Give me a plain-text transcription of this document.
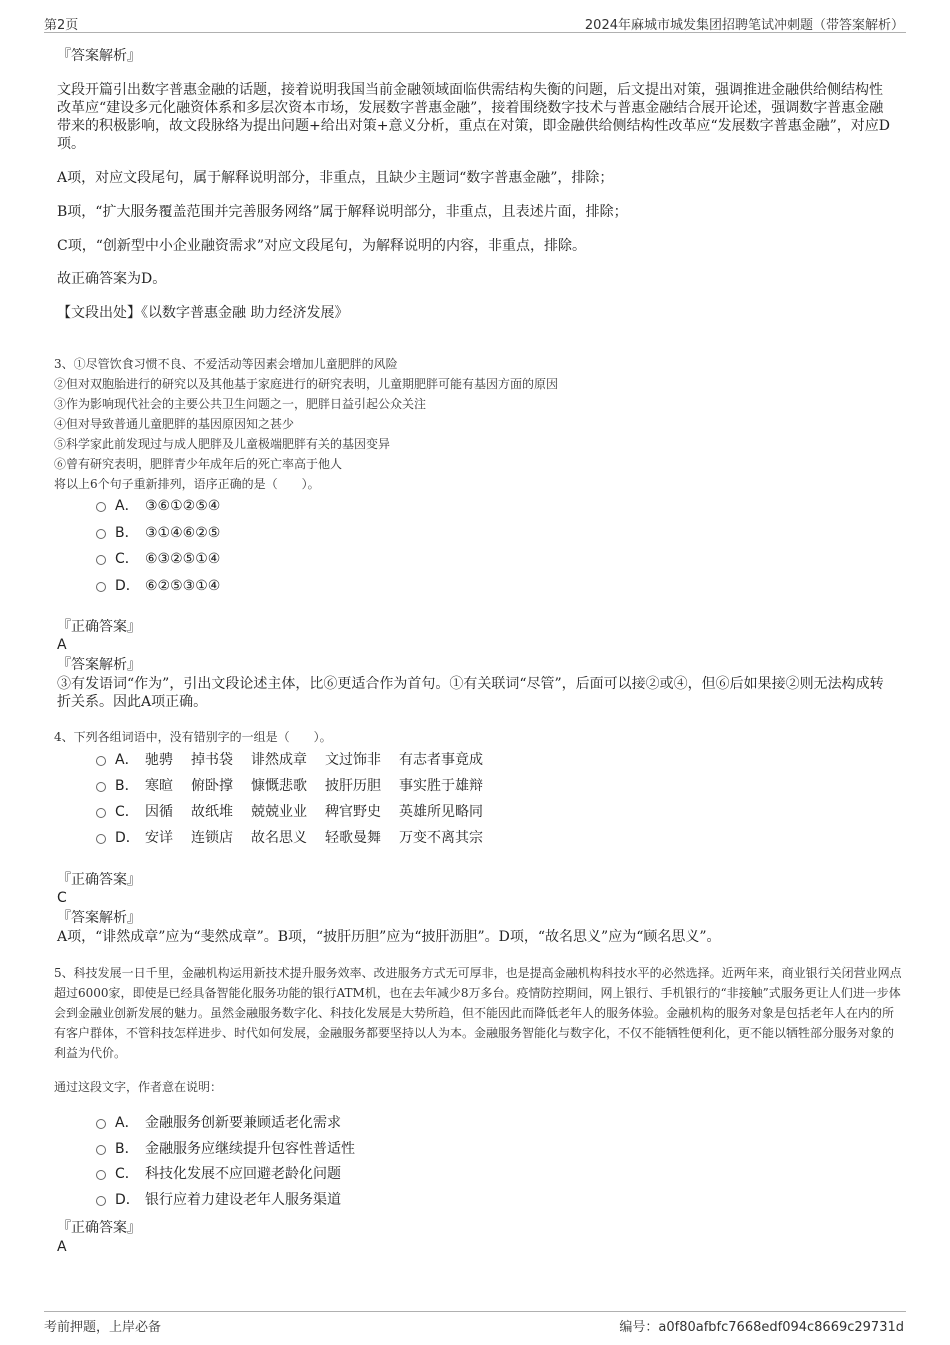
第2页	2024年麻城市城发集团招聘笔试冲刺题（带答案解析）
『答案解析』

文段开篇引出数字普惠金融的话题，接着说明我国当前金融领域面临供需结构失衡的问题，后文提出对策，强调推进金融供给侧结构性改革应“建设多元化融资体系和多层次资本市场，发展数字普惠金融”，接着围绕数字技术与普惠金融结合展开论述，强调数字普惠金融带来的积极影响，故文段脉络为提出问题+给出对策+意义分析，重点在对策，即金融供给侧结构性改革应“发展数字普惠金融”，对应D项。

A项，对应文段尾句，属于解释说明部分，非重点，且缺少主题词“数字普惠金融”，排除；

B项，“扩大服务覆盖范围并完善服务网络”属于解释说明部分，非重点，且表述片面，排除；

C项，“创新型中小企业融资需求”对应文段尾句，为解释说明的内容，非重点，排除。

故正确答案为D。

【文段出处】《以数字普惠金融 助力经济发展》

3、①尽管饮食习惯不良、不爱活动等因素会增加儿童肥胖的风险

②但对双胞胎进行的研究以及其他基于家庭进行的研究表明，儿童期肥胖可能有基因方面的原因

③作为影响现代社会的主要公共卫生问题之一，肥胖日益引起公众关注

④但对导致普通儿童肥胖的基因原因知之甚少

⑤科学家此前发现过与成人肥胖及儿童极端肥胖有关的基因变异

⑥曾有研究表明，肥胖青少年成年后的死亡率高于他人

将以上6个句子重新排列，语序正确的是（　　）。

A． ③⑥①②⑤④
B． ③①④⑥②⑤
C． ⑥③②⑤①④
D． ⑥②⑤③①④
『正确答案』
A
『答案解析』

③有发语词“作为”，引出文段论述主体，比⑥更适合作为首句。①有关联词“尽管”，后面可以接②或④，但⑥后如果接②则无法构成转折关系。因此A项正确。

4、下列各组词语中，没有错别字的一组是（　　）。

A． 驰骋 掉书袋 诽然成章 文过饰非 有志者事竟成
B． 寒暄 俯卧撑 慷慨悲歌 披肝历胆 事实胜于雄辩
C． 因循 故纸堆 兢兢业业 稗官野史 英雄所见略同
D． 安详 连锁店 故名思义 轻歌曼舞 万变不离其宗
『正确答案』
C
『答案解析』

A项，“诽然成章”应为“斐然成章”。B项，“披肝历胆”应为“披肝沥胆”。D项，“故名思义”应为“顾名思义”。

5、科技发展一日千里，金融机构运用新技术提升服务效率、改进服务方式无可厚非，也是提高金融机构科技水平的必然选择。近两年来，商业银行关闭营业网点超过6000家，即使是已经具备智能化服务功能的银行ATM机，也在去年减少8万多台。疫情防控期间，网上银行、手机银行的“非接触”式服务更让人们进一步体会到金融业创新发展的魅力。虽然金融服务数字化、科技化发展是大势所趋，但不能因此而降低老年人的服务体验。金融机构的服务对象是包括老年人在内的所有客户群体，不管科技怎样进步、时代如何发展，金融服务都要坚持以人为本。金融服务智能化与数字化，不仅不能牺牲便利化，更不能以牺牲部分服务对象的利益为代价。

通过这段文字，作者意在说明：

A． 金融服务创新要兼顾适老化需求
B． 金融服务应继续提升包容性普适性
C． 科技化发展不应回避老龄化问题
D． 银行应着力建设老年人服务渠道
『正确答案』
A
考前押题，上岸必备	编号：a0f80afbfc7668edf094c8669c29731d
